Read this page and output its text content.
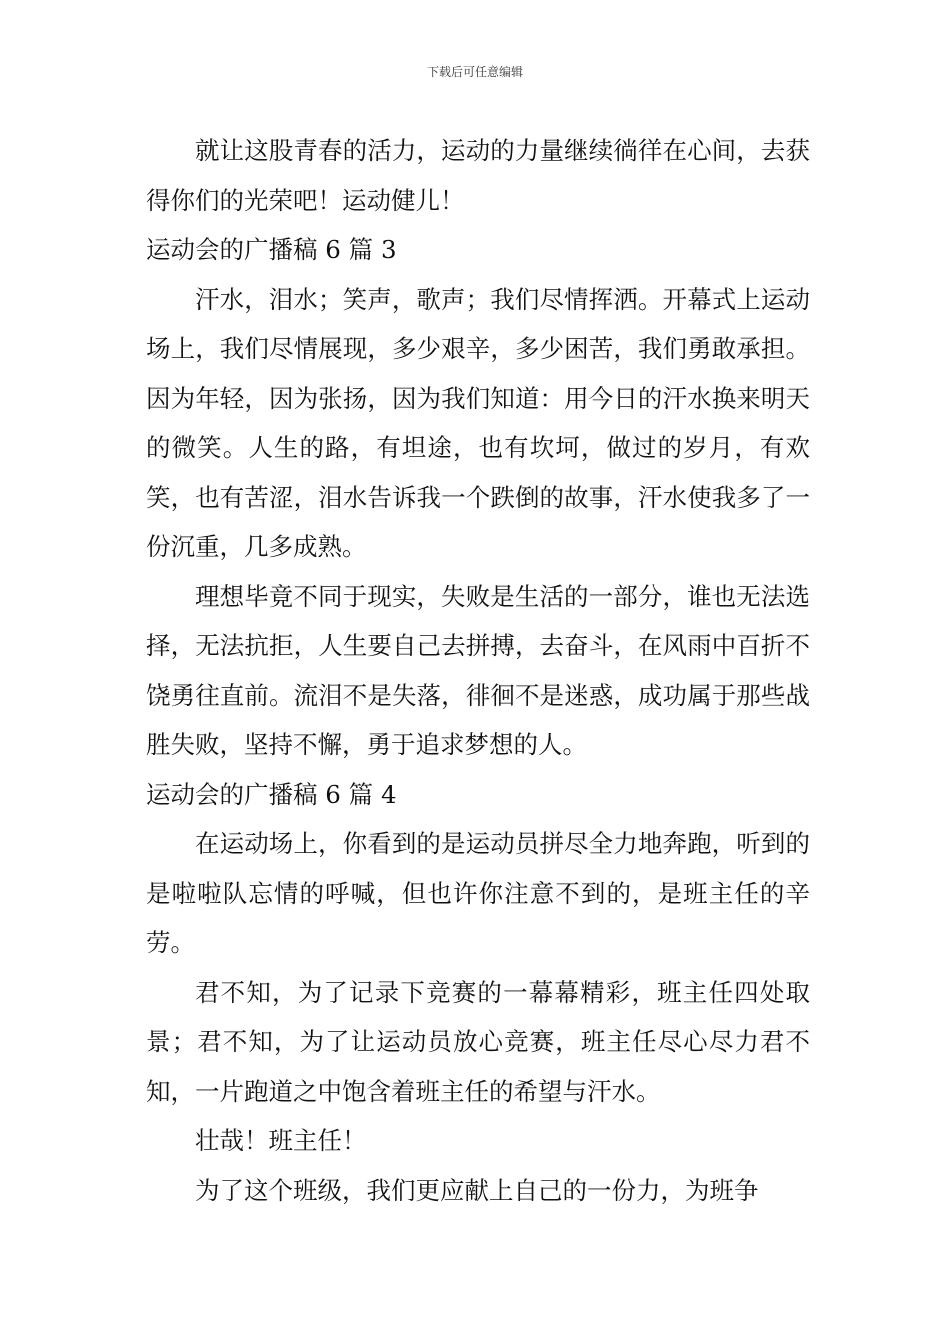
下载后可任意编辑

就让这股青春的活力，运动的力量继续徜徉在心间，去获得你们的光荣吧！运动健儿！

运动会的广播稿 6 篇 3

汗水，泪水；笑声，歌声；我们尽情挥洒。开幕式上运动场上，我们尽情展现，多少艰辛，多少困苦，我们勇敢承担。因为年轻，因为张扬，因为我们知道：用今日的汗水换来明天的微笑。人生的路，有坦途，也有坎坷，做过的岁月，有欢笑，也有苦涩，泪水告诉我一个跌倒的故事，汗水使我多了一份沉重，几多成熟。

理想毕竟不同于现实，失败是生活的一部分，谁也无法选择，无法抗拒，人生要自己去拼搏，去奋斗，在风雨中百折不饶勇往直前。流泪不是失落，徘徊不是迷惑，成功属于那些战胜失败，坚持不懈，勇于追求梦想的人。

运动会的广播稿 6 篇 4

在运动场上，你看到的是运动员拼尽全力地奔跑，听到的是啦啦队忘情的呼喊，但也许你注意不到的，是班主任的辛劳。

君不知，为了记录下竞赛的一幕幕精彩，班主任四处取景；君不知，为了让运动员放心竞赛，班主任尽心尽力君不知，一片跑道之中饱含着班主任的希望与汗水。

壮哉！班主任！

为了这个班级，我们更应献上自己的一份力，为班争
